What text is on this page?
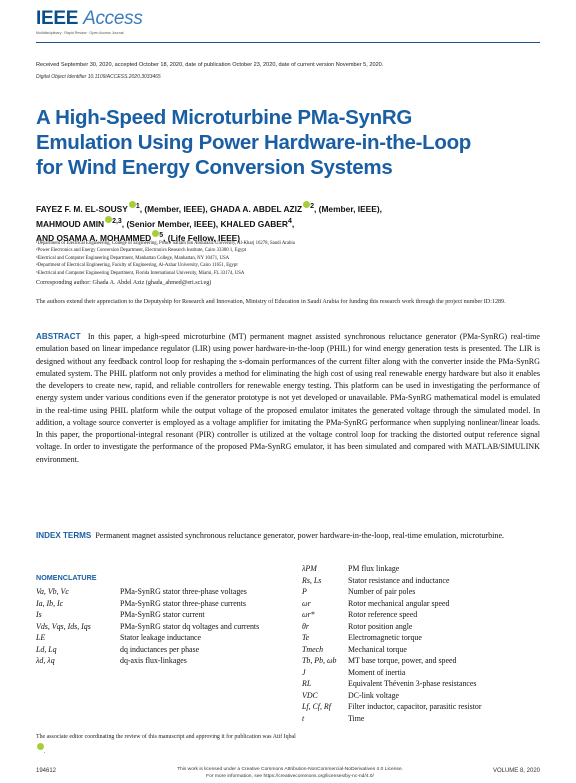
IEEE Access
Multidisciplinary : Rapid Review : Open Access Journal
Received September 30, 2020, accepted October 18, 2020, date of publication October 23, 2020, date of current version November 5, 2020.
Digital Object Identifier 10.1109/ACCESS.2020.3033465
A High-Speed Microturbine PMa-SynRG
Emulation Using Power Hardware-in-the-Loop
for Wind Energy Conversion Systems
FAYEZ F. M. EL-SOUSY $^1$, (Member, IEEE), GHADA A. ABDEL AZIZ $^2$, (Member, IEEE),
MAHMOUD AMIN $^{2,3}$, (Senior Member, IEEE), KHALED GABER$^4$,
AND OSAMA A. MOHAMMED $^5$, (Life Fellow, IEEE)
¹Department of Electrical Engineering, College of Engineering, Prince Sattam bin Abdulaziz University, Al-Kharj 16278, Saudi Arabia
²Power Electronics and Energy Conversion Department, Electronics Research Institute, Cairo 33300 1, Egypt
³Electrical and Computer Engineering Department, Manhattan College, Manhattan, NY 10471, USA
⁴Department of Electrical Engineering, Faculty of Engineering, Al-Azhar University, Cairo 11651, Egypt
⁵Electrical and Computer Engineering Department, Florida International University, Miami, FL 33174, USA
Corresponding author: Ghada A. Abdel Aziz (ghada_ahmed@eri.sci.eg)
The authors extend their appreciation to the Deputyship for Research and Innovation, Ministry of Education in Saudi Arabia for funding this research work through the project number ID:1289.
ABSTRACT In this paper, a high-speed microturbine (MT) permanent magnet assisted synchronous reluctance generator (PMa-SynRG) real-time emulation based on linear impedance regulator (LIR) using power hardware-in-the-loop (PHIL) for wind energy generation tests is presented. The LIR is designed without any feedback control loop for reshaping the s-domain performances of the current filter along with the converter inside the PMa-SynRG emulated system. The PHIL platform not only provides a method for eliminating the high cost of using real renewable energy hardware but also it enables the developers to create new, rapid, and reliable controllers for renewable energy testing. This platform can be used in investigating the performance of energy system under various conditions even if the generator prototype is not yet developed or unavailable. PMa-SynRG mathematical model is emulated in the real-time using PHIL platform while the output voltage of the proposed emulator imitates the generated voltage through the simulated model. In addition, a voltage source converter is employed as a voltage amplifier for imitating the PMa-SynRG performance when supplying nonlinear/linear loads. In this paper, the proportional-integral resonant (PIR) controller is utilized at the voltage control loop for tracking the distorted output reference signal voltage. In order to investigate the performance of the proposed PMa-SynRG emulator, it has been simulated and compared with MATLAB/SIMULINK environment.
INDEX TERMS Permanent magnet assisted synchronous reluctance generator, power hardware-in-the-loop, real-time emulation, microturbine.
NOMENCLATURE
Va, Vb, Vc	PMa-SynRG stator three-phase voltages
Ia, Ib, Ic	PMa-SynRG stator three-phase currents
Is	PMa-SynRG stator current
Vds, Vqs, Ids, Iqs	PMa-SynRG stator dq voltages and currents
LE	Stator leakage inductance
Ld, Lq	dq inductances per phase
λd, λq	dq-axis flux-linkages
λPM	PM flux linkage
Rs, Ls	Stator resistance and inductance
P	Number of pair poles
ωr	Rotor mechanical angular speed
ωr*	Rotor reference speed
θr	Rotor position angle
Te	Electromagnetic torque
Tmech	Mechanical torque
Tb, Pb, ωb	MT base torque, power, and speed
J	Moment of inertia
RL	Equivalent Thévenin 3-phase resistances
VDC	DC-link voltage
Lf, Cf, Rf	Filter inductor, capacitor, parasitic resistor
t	Time
The associate editor coordinating the review of this manuscript and approving it for publication was Atif Iqbal.
194612	This work is licensed under a Creative Commons Attribution-NonCommercial-NoDerivatives 4.0 License.
For more information, see https://creativecommons.org/licenses/by-nc-nd/4.0/
VOLUME 8, 2020
